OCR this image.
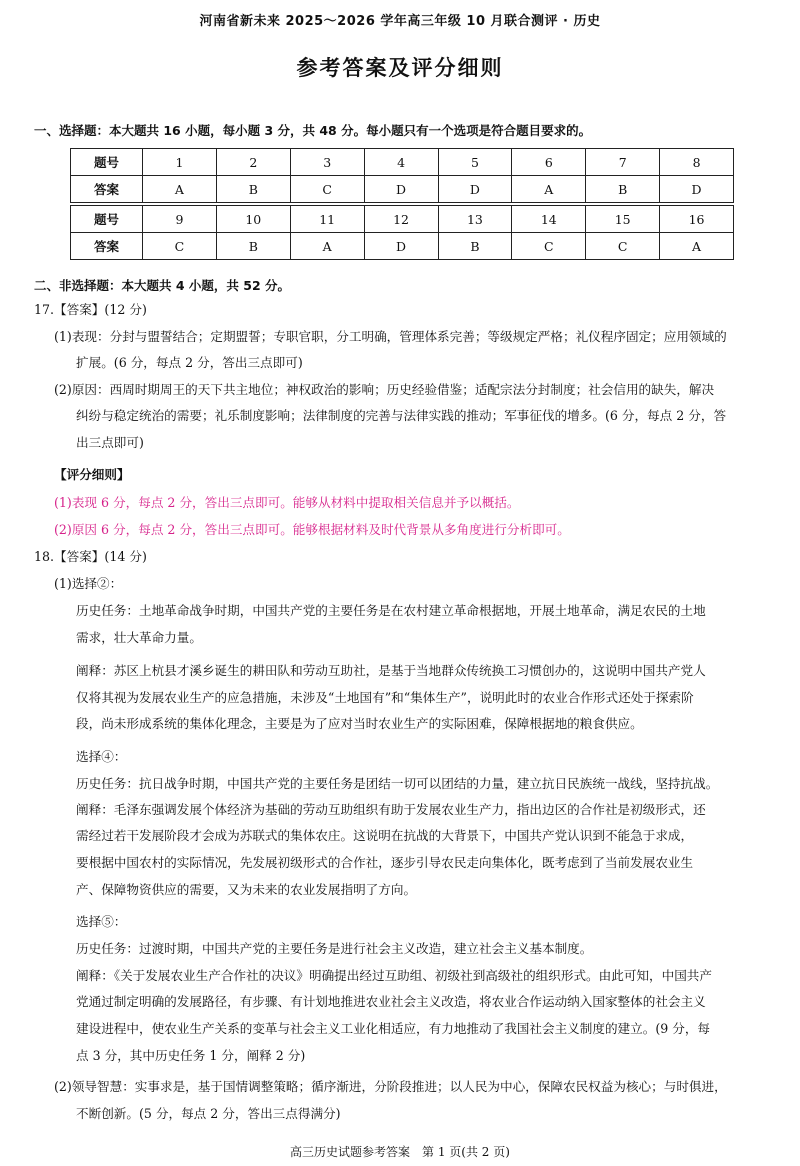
河南省新未来 2025～2026 学年高三年级 10 月联合测评 · 历史
参考答案及评分细则
一、选择题：本大题共 16 小题，每小题 3 分，共 48 分。每小题只有一个选项是符合题目要求的。
题号	1	2	3	4	5	6	7	8
答案	A	B	C	D	D	A	B	D
题号	9	10	11	12	13	14	15	16
答案	C	B	A	D	B	C	C	A
二、非选择题：本大题共 4 小题，共 52 分。
17.【答案】(12 分)
(1)表现：分封与盟誓结合；定期盟誓；专职官职，分工明确，管理体系完善；等级规定严格；礼仪程序固定；应用领域的
扩展。(6 分，每点 2 分，答出三点即可)
(2)原因：西周时期周王的天下共主地位；神权政治的影响；历史经验借鉴；适配宗法分封制度；社会信用的缺失，解决
纠纷与稳定统治的需要；礼乐制度影响；法律制度的完善与法律实践的推动；军事征伐的增多。(6 分，每点 2 分，答
出三点即可)
【评分细则】
(1)表现 6 分，每点 2 分，答出三点即可。能够从材料中提取相关信息并予以概括。
(2)原因 6 分，每点 2 分，答出三点即可。能够根据材料及时代背景从多角度进行分析即可。
18.【答案】(14 分)
(1)选择②：
历史任务：土地革命战争时期，中国共产党的主要任务是在农村建立革命根据地，开展土地革命，满足农民的土地
需求，壮大革命力量。
阐释：苏区上杭县才溪乡诞生的耕田队和劳动互助社，是基于当地群众传统换工习惯创办的，这说明中国共产党人
仅将其视为发展农业生产的应急措施，未涉及“土地国有”和“集体生产”，说明此时的农业合作形式还处于探索阶
段，尚未形成系统的集体化理念，主要是为了应对当时农业生产的实际困难，保障根据地的粮食供应。
选择④：
历史任务：抗日战争时期，中国共产党的主要任务是团结一切可以团结的力量，建立抗日民族统一战线，坚持抗战。
阐释：毛泽东强调发展个体经济为基础的劳动互助组织有助于发展农业生产力，指出边区的合作社是初级形式，还
需经过若干发展阶段才会成为苏联式的集体农庄。这说明在抗战的大背景下，中国共产党认识到不能急于求成，
要根据中国农村的实际情况，先发展初级形式的合作社，逐步引导农民走向集体化，既考虑到了当前发展农业生
产、保障物资供应的需要，又为未来的农业发展指明了方向。
选择⑤：
历史任务：过渡时期，中国共产党的主要任务是进行社会主义改造，建立社会主义基本制度。
阐释：《关于发展农业生产合作社的决议》明确提出经过互助组、初级社到高级社的组织形式。由此可知，中国共产
党通过制定明确的发展路径，有步骤、有计划地推进农业社会主义改造，将农业合作运动纳入国家整体的社会主义
建设进程中，使农业生产关系的变革与社会主义工业化相适应，有力地推动了我国社会主义制度的建立。(9 分，每
点 3 分，其中历史任务 1 分，阐释 2 分)
(2)领导智慧：实事求是，基于国情调整策略；循序渐进，分阶段推进；以人民为中心，保障农民权益为核心；与时俱进，
不断创新。(5 分，每点 2 分，答出三点得满分)
高三历史试题参考答案　第 1 页(共 2 页)
